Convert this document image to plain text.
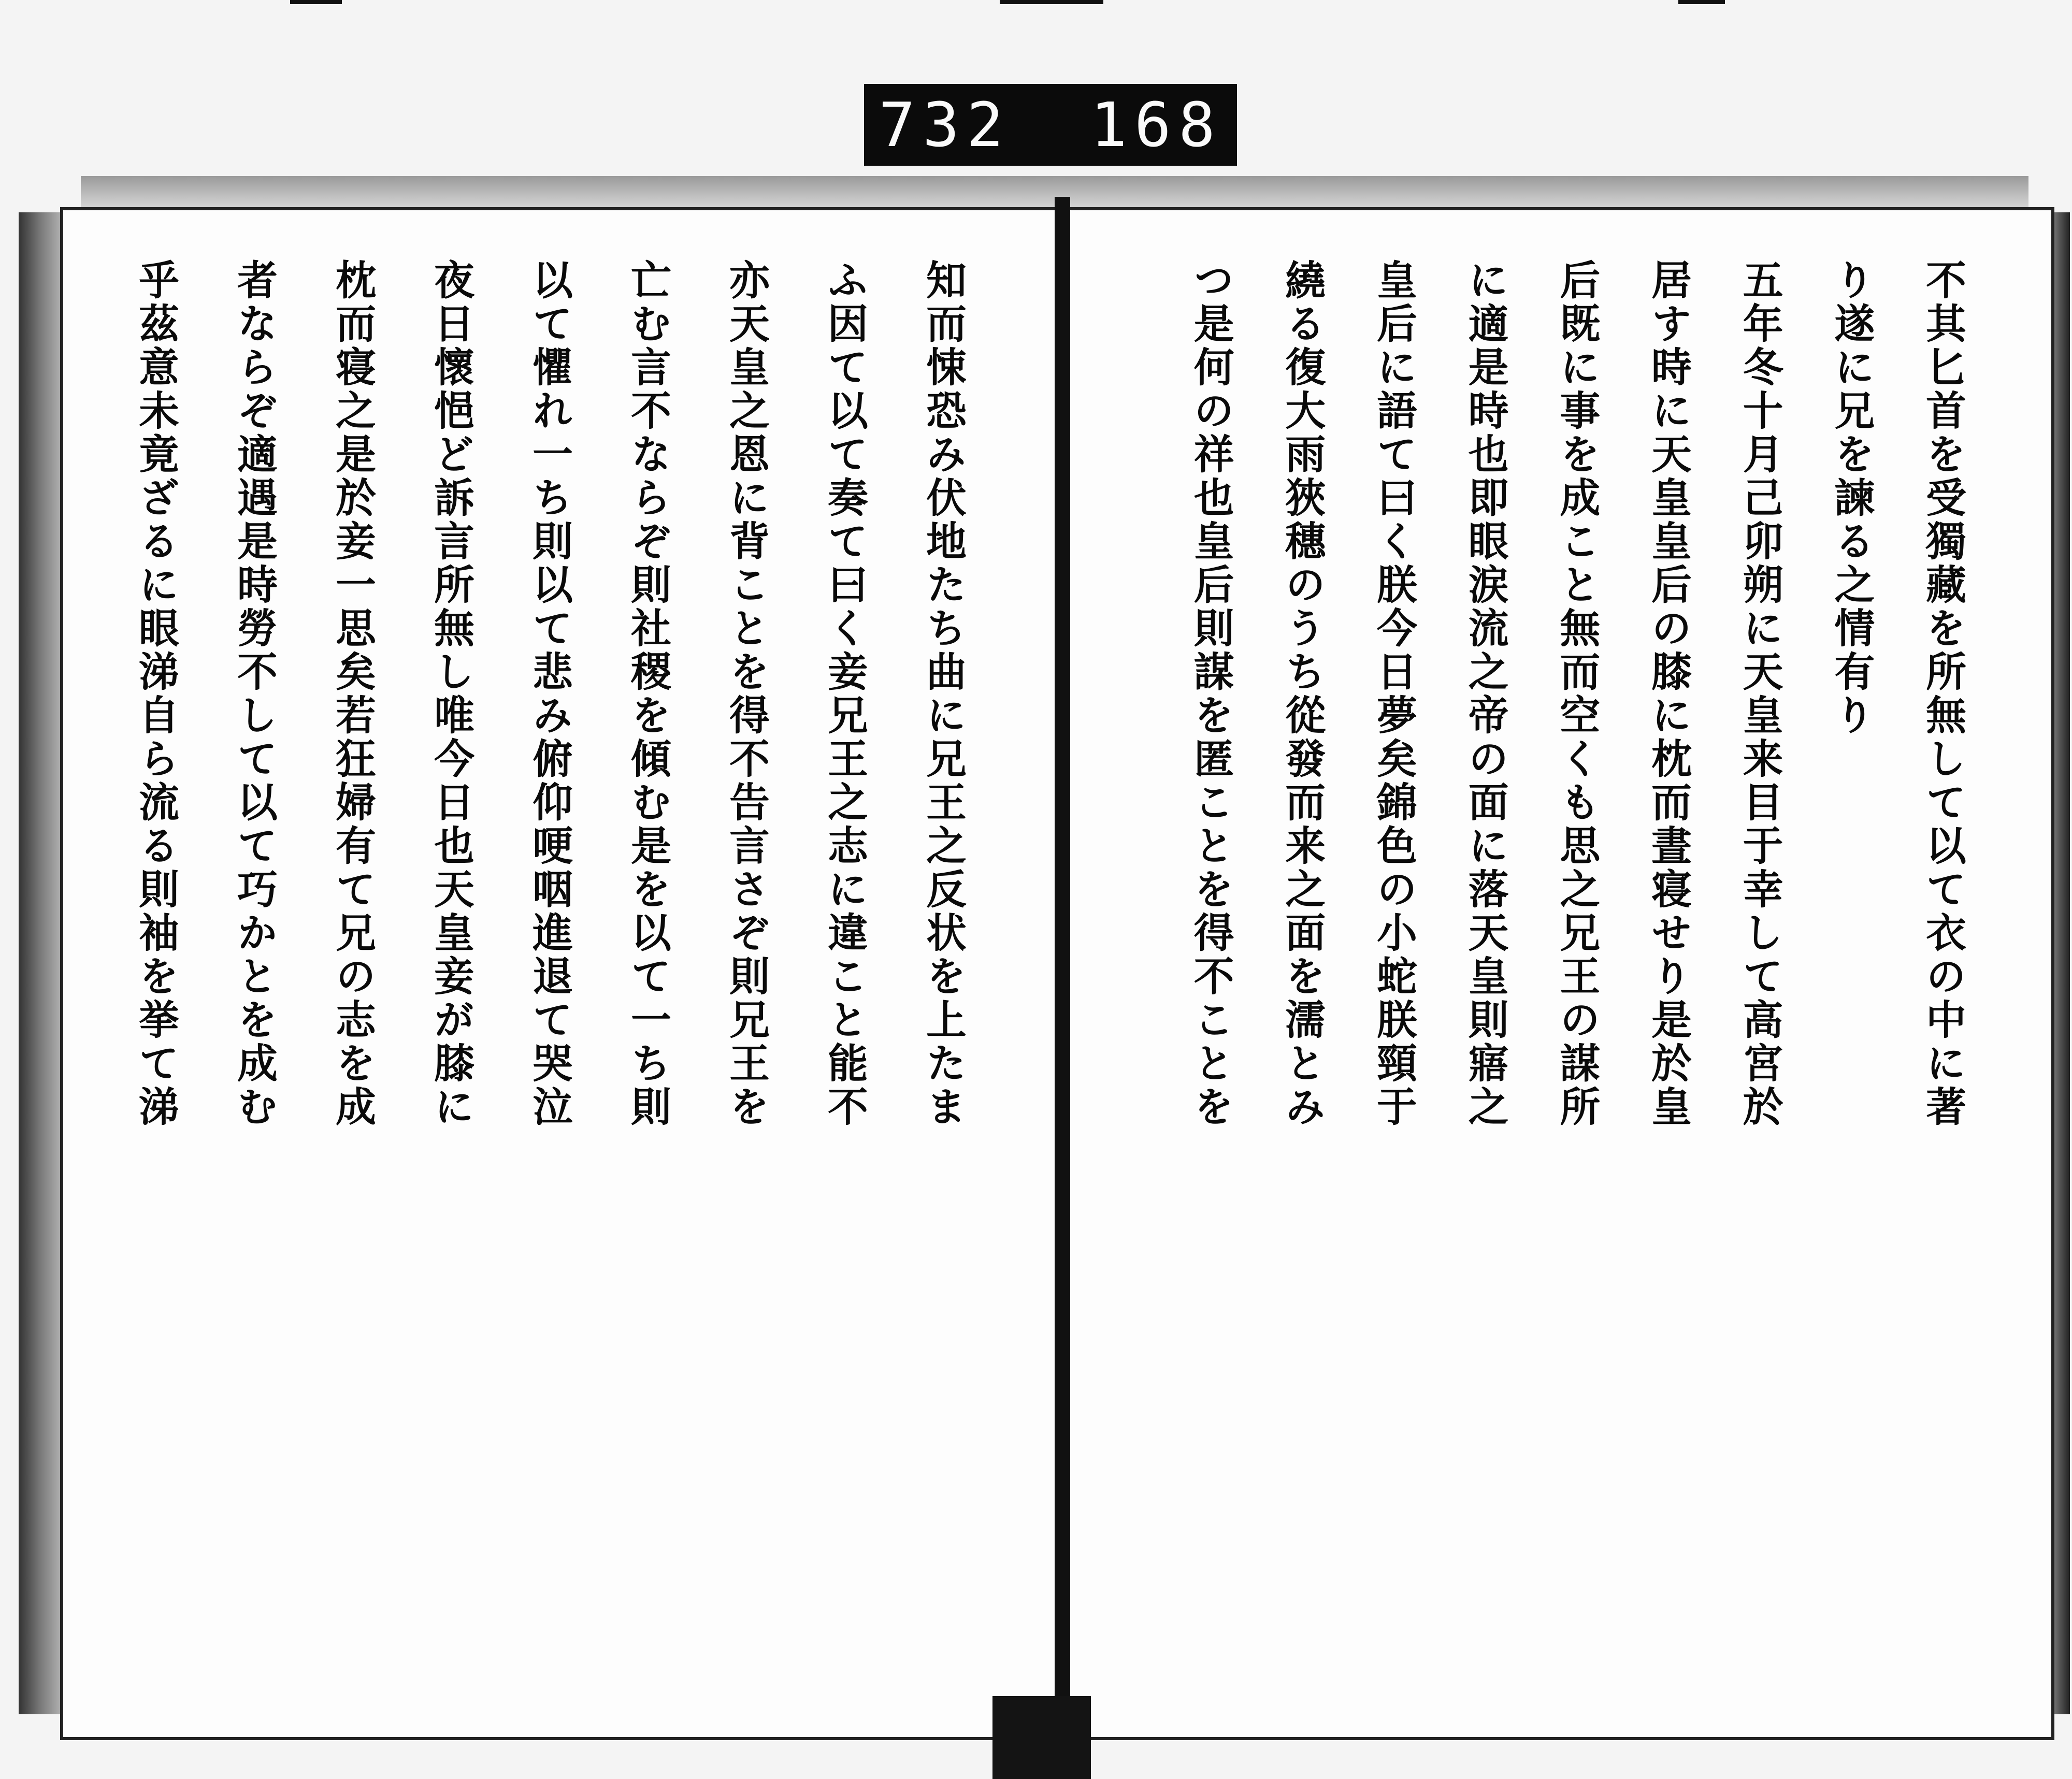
732 168
不其匕首を受獨藏を所無して以て衣の中に著
り遂に兄を諫る之情有り
五年冬十月己卯朔に天皇来目于幸して高宮於
居す時に天皇皇后の膝に枕而晝寝せり是於皇
后既に事を成こと無而空くも思之兄王の謀所
に適是時也即眼涙流之帝の面に落天皇則寤之
皇后に語て曰く朕今日夢矣錦色の小蛇朕頸于
繞る復大雨狹穗のうち從發而来之面を濡とみ
つ是何の祥也皇后則謀を匿ことを得不ことを
知而悚恐み伏地たち曲に兄王之反状を上たま
ふ因て以て奏て曰く妾兄王之志に違こと能不
亦天皇之恩に背ことを得不告言さぞ則兄王を
亡む言不ならぞ則社稷を傾む是を以て一ち則
以て懼れ一ち則以て悲み俯仰哽咽進退て哭泣
夜日懷悒ど訴言所無し唯今日也天皇妾が膝に
枕而寝之是於妾一思矣若狂婦有て兄の志を成
者ならぞ適遇是時勞不して以て巧かとを成む
乎茲意未竟ざるに眼涕自ら流る則袖を挙て涕
